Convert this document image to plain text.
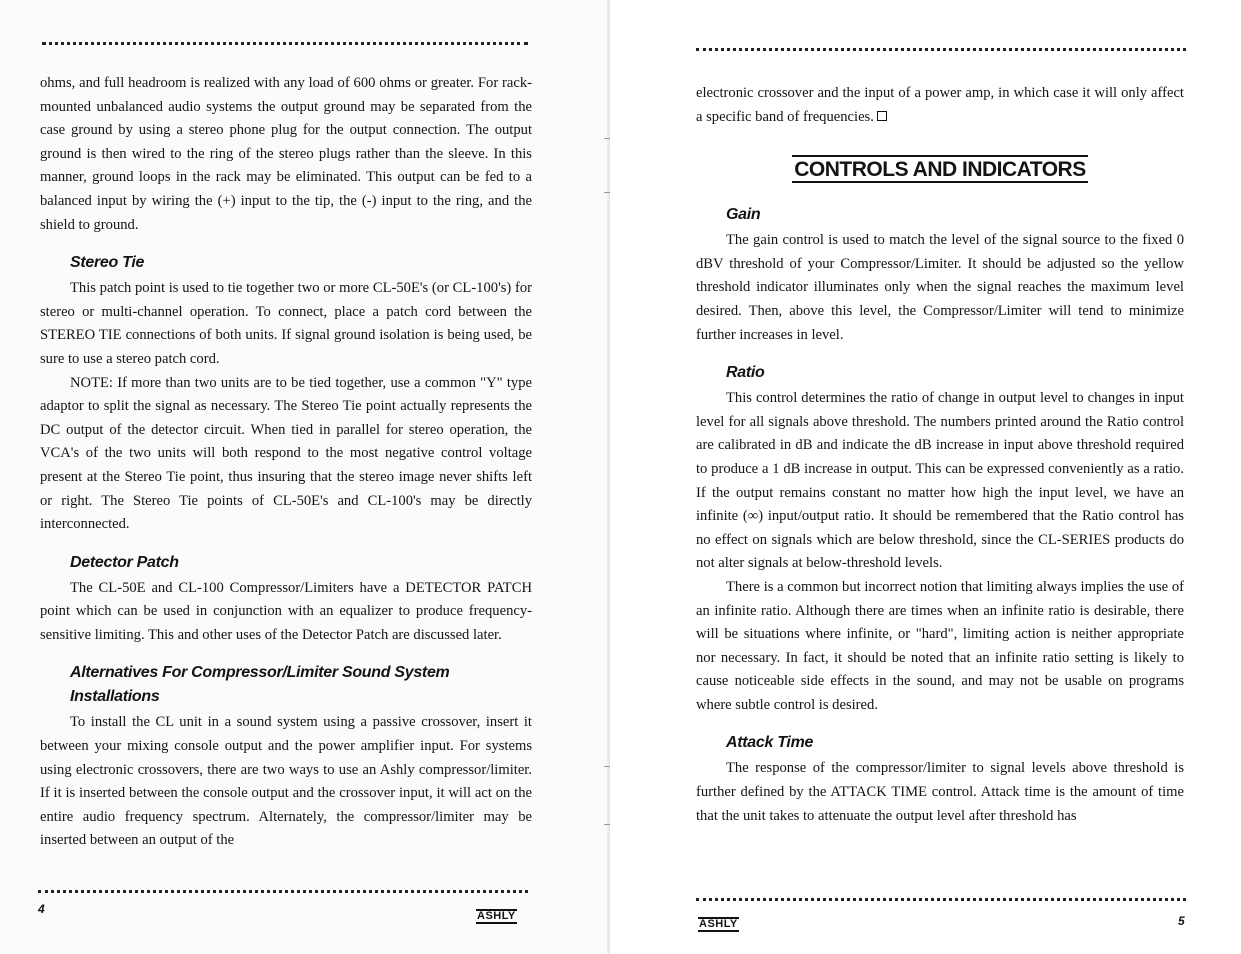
ohms, and full headroom is realized with any load of 600 ohms or greater. For rack-mounted unbalanced audio systems the output ground may be separated from the case ground by using a stereo phone plug for the output connection. The output ground is then wired to the ring of the stereo plugs rather than the sleeve. In this manner, ground loops in the rack may be eliminated. This output can be fed to a balanced input by wiring the (+) input to the tip, the (-) input to the ring, and the shield to ground.

Stereo Tie

This patch point is used to tie together two or more CL-50E's (or CL-100's) for stereo or multi-channel operation. To connect, place a patch cord between the STEREO TIE connections of both units. If signal ground isolation is being used, be sure to use a stereo patch cord.

NOTE: If more than two units are to be tied together, use a common "Y" type adaptor to split the signal as necessary. The Stereo Tie point actually represents the DC output of the detector circuit. When tied in parallel for stereo operation, the VCA's of the two units will both respond to the most negative control voltage present at the Stereo Tie point, thus insuring that the stereo image never shifts left or right. The Stereo Tie points of CL-50E's and CL-100's may be directly interconnected.

Detector Patch

The CL-50E and CL-100 Compressor/Limiters have a DETECTOR PATCH point which can be used in conjunction with an equalizer to produce frequency-sensitive limiting. This and other uses of the Detector Patch are discussed later.

Alternatives For Compressor/Limiter Sound System Installations

To install the CL unit in a sound system using a passive crossover, insert it between your mixing console output and the power amplifier input. For systems using electronic crossovers, there are two ways to use an Ashly compressor/limiter. If it is inserted between the console output and the crossover input, it will act on the entire audio frequency spectrum. Alternately, the compressor/limiter may be inserted between an output of the

4	ASHLY

electronic crossover and the input of a power amp, in which case it will only affect a specific band of frequencies.

CONTROLS AND INDICATORS
Gain

The gain control is used to match the level of the signal source to the fixed 0 dBV threshold of your Compressor/Limiter. It should be adjusted so the yellow threshold indicator illuminates only when the signal reaches the maximum level desired. Then, above this level, the Compressor/Limiter will tend to minimize further increases in level.

Ratio

This control determines the ratio of change in output level to changes in input level for all signals above threshold. The numbers printed around the Ratio control are calibrated in dB and indicate the dB increase in input above threshold required to produce a 1 dB increase in output. This can be expressed conveniently as a ratio. If the output remains constant no matter how high the input level, we have an infinite (∞) input/output ratio. It should be remembered that the Ratio control has no effect on signals which are below threshold, since the CL-SERIES products do not alter signals at below-threshold levels.

There is a common but incorrect notion that limiting always implies the use of an infinite ratio. Although there are times when an infinite ratio is desirable, there will be situations where infinite, or "hard", limiting action is neither appropriate nor necessary. In fact, it should be noted that an infinite ratio setting is likely to cause noticeable side effects in the sound, and may not be usable on programs where subtle control is desired.

Attack Time

The response of the compressor/limiter to signal levels above threshold is further defined by the ATTACK TIME control. Attack time is the amount of time that the unit takes to attenuate the output level after threshold has

ASHLY	5
